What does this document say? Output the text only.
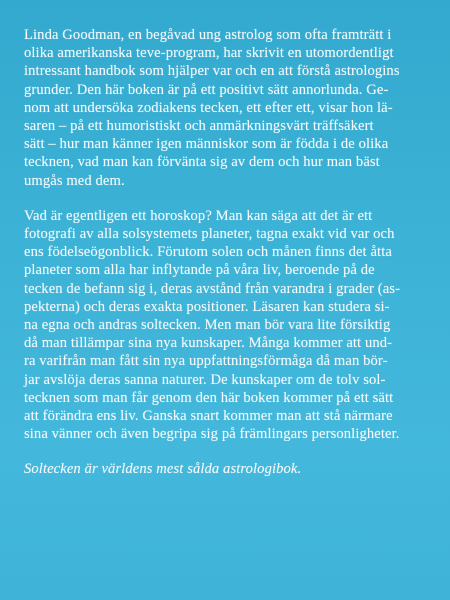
Linda Goodman, en begåvad ung astrolog som ofta framträtt i
olika amerikanska teve-program, har skrivit en utomordentligt
intressant handbok som hjälper var och en att förstå astrologins
grunder. Den här boken är på ett positivt sätt annorlunda. Ge-
nom att undersöka zodiakens tecken, ett efter ett, visar hon lä-
saren – på ett humoristiskt och anmärkningsvärt träffsäkert
sätt – hur man känner igen människor som är födda i de olika
tecknen, vad man kan förvänta sig av dem och hur man bäst
umgås med dem.

Vad är egentligen ett horoskop? Man kan säga att det är ett
fotografi av alla solsystemets planeter, tagna exakt vid var och
ens födelseögonblick. Förutom solen och månen finns det åtta
planeter som alla har inflytande på våra liv, beroende på de
tecken de befann sig i, deras avstånd från varandra i grader (as-
pekterna) och deras exakta positioner. Läsaren kan studera si-
na egna och andras soltecken. Men man bör vara lite försiktig
då man tillämpar sina nya kunskaper. Många kommer att und-
ra varifrån man fått sin nya uppfattningsförmåga då man bör-
jar avslöja deras sanna naturer. De kunskaper om de tolv sol-
tecknen som man får genom den här boken kommer på ett sätt
att förändra ens liv. Ganska snart kommer man att stå närmare
sina vänner och även begripa sig på främlingars personligheter.

Soltecken är världens mest sålda astrologibok.
